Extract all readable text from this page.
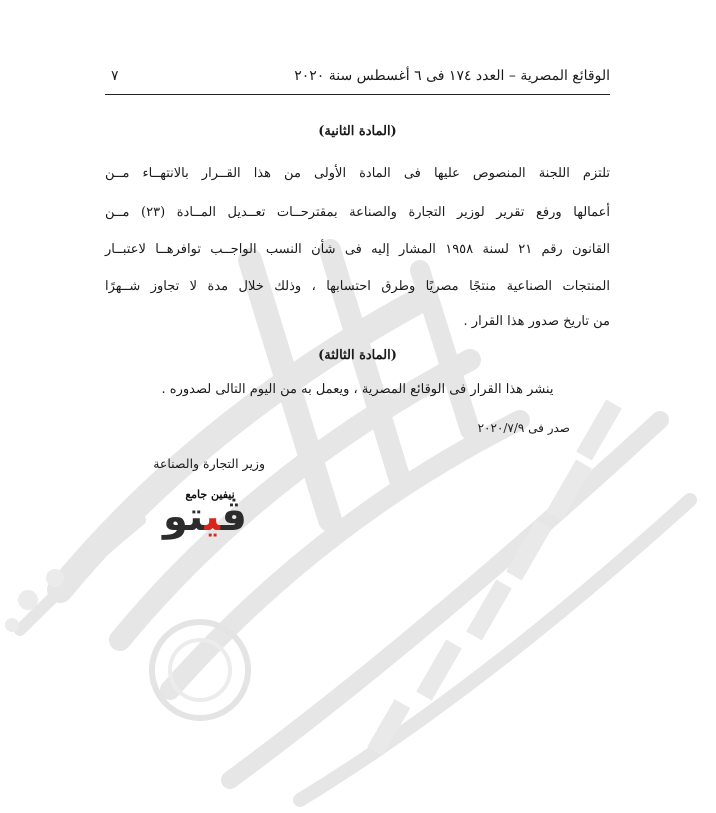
الوقائع المصرية – العدد ١٧٤ فى ٦ أغسطس سنة ٢٠٢٠
٧
(المادة الثانية)
تلتزم اللجنة المنصوص عليها فى المادة الأولى من هذا القــرار بالانتهــاء مــن
أعمالها ورفع تقرير لوزير التجارة والصناعة بمقترحــات تعــديل المــادة (٢٣) مــن
القانون رقم ٢١ لسنة ١٩٥٨ المشار إليه فى شأن النسب الواجــب توافرهــا لاعتبــار
المنتجات الصناعية منتجًا مصريًا وطرق احتسابها ، وذلك خلال مدة لا تجاوز شــهرًا
من تاريخ صدور هذا القرار .
(المادة الثالثة)
ينشر هذا القرار فى الوقائع المصرية ، ويعمل به من اليوم التالى لصدوره .
صدر فى ٢٠٢٠/٧/٩
وزير التجارة والصناعة
نيفين جامع
ڤيتو
